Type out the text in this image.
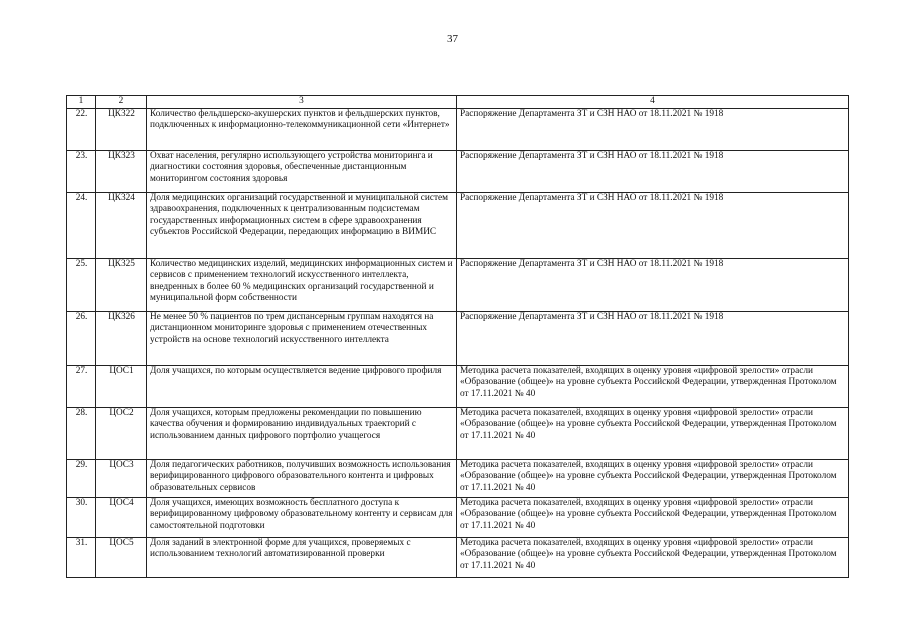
37
1	2	3	4
22.	ЦК322	Количество фельдшерско-акушерских пунктов и фельдшерских пунктов, подключенных к информационно-телекоммуникационной сети «Интернет»	Распоряжение Департамента ЗТ и СЗН НАО от 18.11.2021 № 1918
23.	ЦК323	Охват населения, регулярно использующего устройства мониторинга и диагностики состояния здоровья, обеспеченные дистанционным мониторингом состояния здоровья	Распоряжение Департамента ЗТ и СЗН НАО от 18.11.2021 № 1918
24.	ЦК324	Доля медицинских организаций государственной и муниципальной систем здравоохранения, подключенных к централизованным подсистемам государственных информационных систем в сфере здравоохранения субъектов Российской Федерации, передающих информацию в ВИМИС	Распоряжение Департамента ЗТ и СЗН НАО от 18.11.2021 № 1918
25.	ЦК325	Количество медицинских изделий, медицинских информационных систем и сервисов с применением технологий искусственного интеллекта, внедренных в более 60 % медицинских организаций государственной и муниципальной форм собственности	Распоряжение Департамента ЗТ и СЗН НАО от 18.11.2021 № 1918
26.	ЦК326	Не менее 50 % пациентов по трем диспансерным группам находятся на дистанционном мониторинге здоровья с применением отечественных устройств на основе технологий искусственного интеллекта	Распоряжение Департамента ЗТ и СЗН НАО от 18.11.2021 № 1918
27.	ЦОС1	Доля учащихся, по которым осуществляется ведение цифрового профиля	Методика расчета показателей, входящих в оценку уровня «цифровой зрелости» отрасли «Образование (общее)» на уровне субъекта Российской Федерации, утвержденная Протоколом от 17.11.2021 № 40
28.	ЦОС2	Доля учащихся, которым предложены рекомендации по повышению качества обучения и формированию индивидуальных траекторий с использованием данных цифрового портфолио учащегося	Методика расчета показателей, входящих в оценку уровня «цифровой зрелости» отрасли «Образование (общее)» на уровне субъекта Российской Федерации, утвержденная Протоколом от 17.11.2021 № 40
29.	ЦОС3	Доля педагогических работников, получивших возможность использования верифицированного цифрового образовательного контента и цифровых образовательных сервисов	Методика расчета показателей, входящих в оценку уровня «цифровой зрелости» отрасли «Образование (общее)» на уровне субъекта Российской Федерации, утвержденная Протоколом от 17.11.2021 № 40
30.	ЦОС4	Доля учащихся, имеющих возможность бесплатного доступа к верифицированному цифровому образовательному контенту и сервисам для самостоятельной подготовки	Методика расчета показателей, входящих в оценку уровня «цифровой зрелости» отрасли «Образование (общее)» на уровне субъекта Российской Федерации, утвержденная Протоколом от 17.11.2021 № 40
31.	ЦОС5	Доля заданий в электронной форме для учащихся, проверяемых с использованием технологий автоматизированной проверки	Методика расчета показателей, входящих в оценку уровня «цифровой зрелости» отрасли «Образование (общее)» на уровне субъекта Российской Федерации, утвержденная Протоколом от 17.11.2021 № 40
